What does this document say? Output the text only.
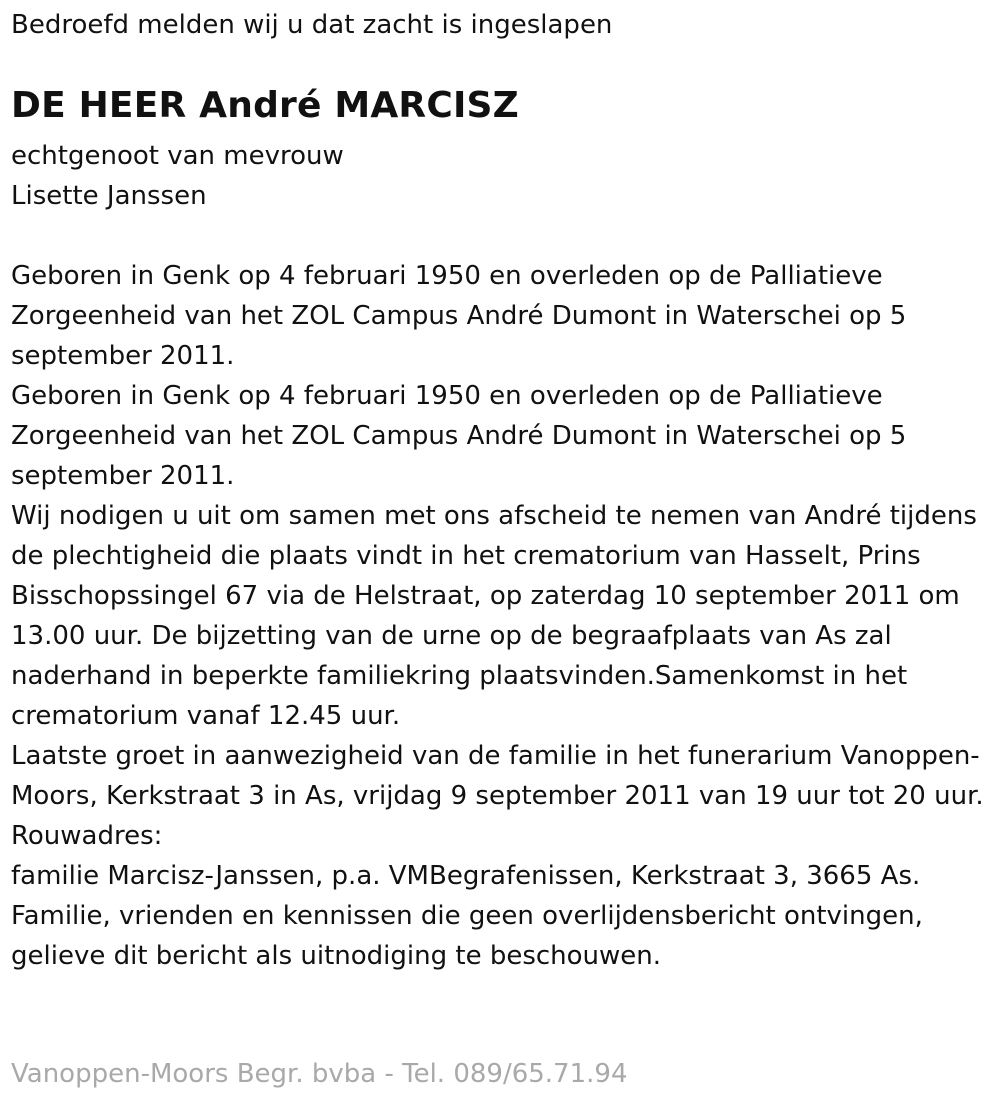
Bedroefd melden wij u dat zacht is ingeslapen
DE HEER André MARCISZ
echtgenoot van mevrouw
Lisette Janssen

Geboren in Genk op 4 februari 1950 en overleden op de Palliatieve Zorgeenheid van het ZOL Campus André Dumont in Waterschei op 5 september 2011.

Geboren in Genk op 4 februari 1950 en overleden op de Palliatieve Zorgeenheid van het ZOL Campus André Dumont in Waterschei op 5 september 2011.

Wij nodigen u uit om samen met ons afscheid te nemen van André tijdens de plechtigheid die plaats vindt in het crematorium van Hasselt, Prins Bisschopssingel 67 via de Helstraat, op zaterdag 10 september 2011 om 13.00 uur. De bijzetting van de urne op de begraafplaats van As zal naderhand in beperkte familiekring plaatsvinden.Samenkomst in het crematorium vanaf 12.45 uur.

Laatste groet in aanwezigheid van de familie in het funerarium Vanoppen-Moors, Kerkstraat 3 in As, vrijdag 9 september 2011 van 19 uur tot 20 uur.

Rouwadres:

familie Marcisz-Janssen, p.a. VMBegrafenissen, Kerkstraat 3, 3665 As.

Familie, vrienden en kennissen die geen overlijdensbericht ontvingen, gelieve dit bericht als uitnodiging te beschouwen.

Vanoppen-Moors Begr. bvba - Tel. 089/65.71.94
